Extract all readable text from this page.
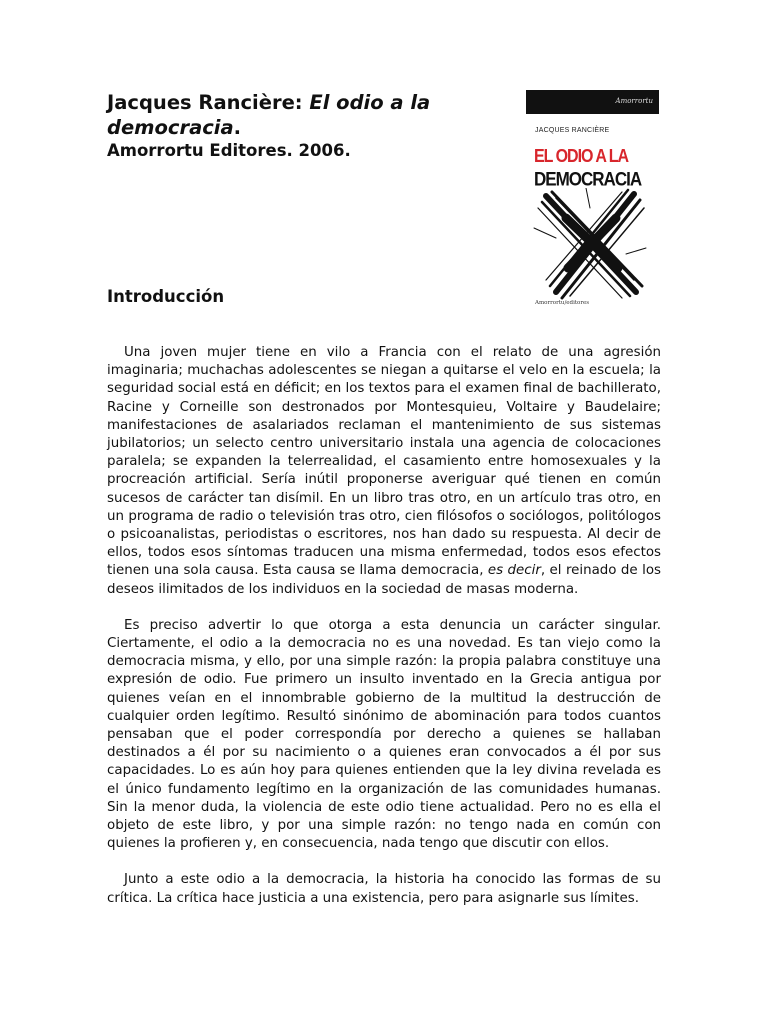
Jacques Rancière: El odio a la
democracia.

Amorrortu Editores. 2006.

Amorrortu
JACQUES RANCIÈRE
EL ODIO A LA
DEMOCRACIA
Amorrortu/editores
Introducción

Una joven mujer tiene en vilo a Francia con el relato de una agresión imaginaria; muchachas adolescentes se niegan a quitarse el velo en la escuela; la seguridad social está en déficit; en los textos para el examen final de bachillerato, Racine y Corneille son destronados por Montesquieu, Voltaire y Baudelaire; manifestaciones de asalariados reclaman el mantenimiento de sus sistemas jubilatorios; un selecto centro universitario instala una agencia de colocaciones paralela; se expanden la telerrealidad, el casamiento entre homosexuales y la procreación artificial. Sería inútil proponerse averiguar qué tienen en común sucesos de carácter tan disímil. En un libro tras otro, en un artículo tras otro, en un programa de radio o televisión tras otro, cien filósofos o sociólogos, politólogos o psicoanalistas, periodistas o escritores, nos han dado su respuesta. Al decir de ellos, todos esos síntomas traducen una misma enfermedad, todos esos efectos tienen una sola causa. Esta causa se llama democracia, es decir, el reinado de los deseos ilimitados de los individuos en la sociedad de masas moderna.

Es preciso advertir lo que otorga a esta denuncia un carácter singular. Ciertamente, el odio a la democracia no es una novedad. Es tan viejo como la democracia misma, y ello, por una simple razón: la propia palabra constituye una expresión de odio. Fue primero un insulto inventado en la Grecia antigua por quienes veían en el innombrable gobierno de la multitud la destrucción de cualquier orden legítimo. Resultó sinónimo de abominación para todos cuantos pensaban que el poder correspondía por derecho a quienes se hallaban destinados a él por su nacimiento o a quienes eran convocados a él por sus capacidades. Lo es aún hoy para quienes entienden que la ley divina revelada es el único fundamento legítimo en la organización de las comunidades humanas. Sin la menor duda, la violencia de este odio tiene actualidad. Pero no es ella el objeto de este libro, y por una simple razón: no tengo nada en común con quienes la profieren y, en consecuencia, nada tengo que discutir con ellos.

Junto a este odio a la democracia, la historia ha conocido las formas de su crítica. La crítica hace justicia a una existencia, pero para asignarle sus límites.
